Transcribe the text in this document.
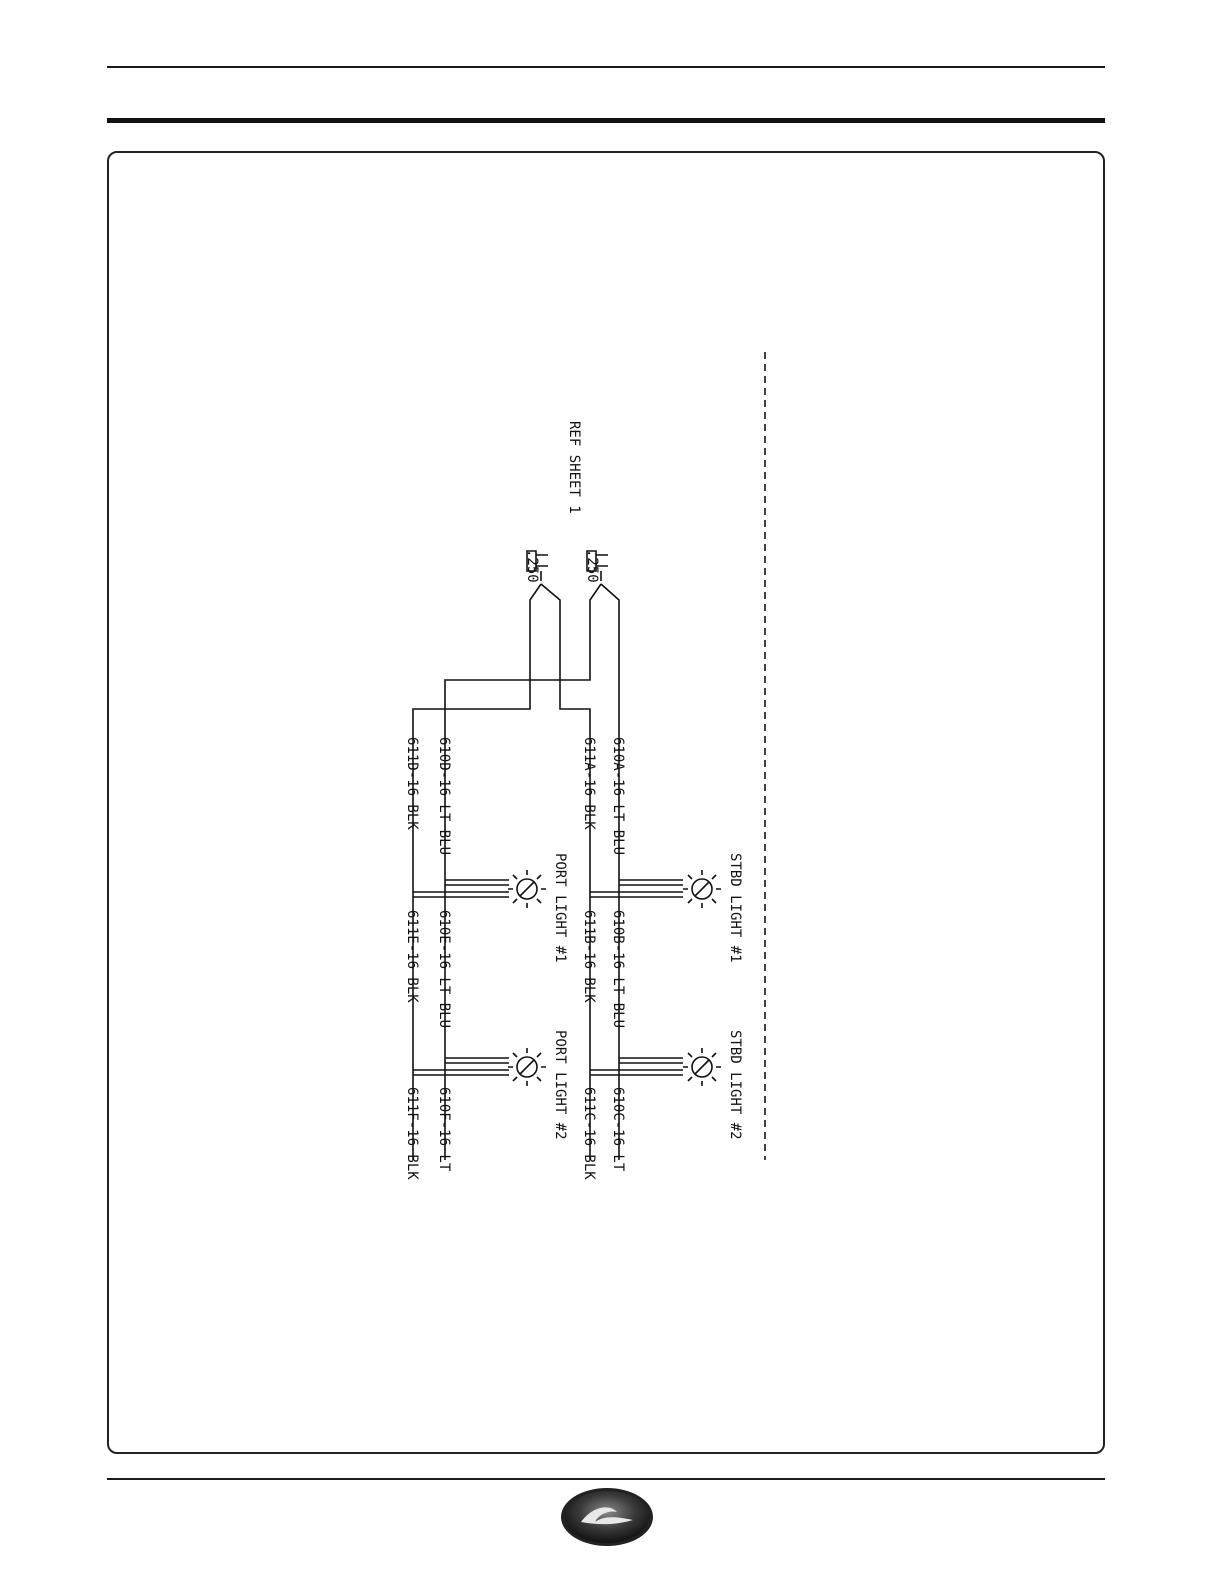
REF SHEET 1
.250
.250
STBD LIGHT #1
STBD LIGHT #2
PORT LIGHT #1
PORT LIGHT #2
610A-16 LT BLU
611A-16 BLK
610B-16 LT BLU
611B-16 BLK
610C-16 LT
611C-16 BLK
610D-16 LT BLU
611D-16 BLK
610E-16 LT BLU
611E-16 BLK
610F-16 LT
611F-16 BLK
